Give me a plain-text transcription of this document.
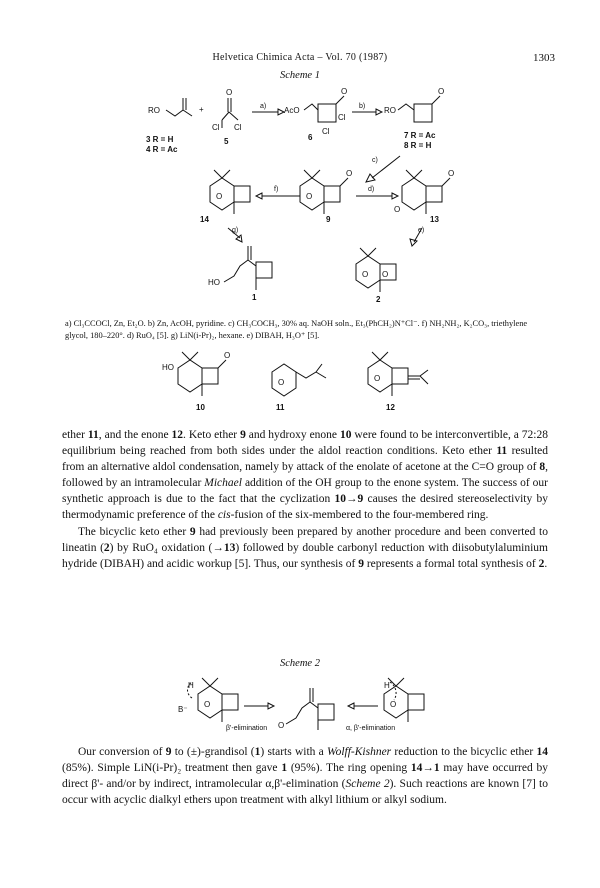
Helvetica Chimica Acta – Vol. 70 (1987)	1303
Scheme 1
RO
3 R = H
4 R = Ac
+
O
Cl Cl
5
a) AcO
O
Cl
Cl
6
b) RO
O
7 R = Ac
8 R = H
c)
O
14
f)
O
O
9
d)
O
O
13
g)
HO
1
e)
O O
2
a) Cl₃CCOCl, Zn, Et₂O. b) Zn, AcOH, pyridine. c) CH₃COCH₃, 30% aq. NaOH soln., Et₃(PhCH₂)N⁺Cl⁻. f) NH₂NH₂, K₂CO₃, triethylene glycol, 180–220°. d) RuO₄ [5]. g) LiN(i-Pr)₂, hexane. e) DIBAH, H₃O⁺ [5].
HO
O
10
O
11
O
12

ether 11, and the enone 12. Keto ether 9 and hydroxy enone 10 were found to be interconvertible, a 72:28 equilibrium being reached from both sides under the aldol reaction conditions. Keto ether 11 resulted from an alternative aldol condensation, namely by attack of the enolate of acetone at the C=O group of 8, followed by an intramolecular Michael addition of the OH group to the enone system. The success of our synthetic approach is due to the fact that the cyclization 10→9 causes the desired stereoselectivity by thermodynamic preference of the cis-fusion of the six-membered to the four-membered ring.

The bicyclic keto ether 9 had previously been prepared by another procedure and been converted to lineatin (2) by RuO₄ oxidation (→13) followed by double carbonyl reduction with diisobutylaluminium hydride (DIBAH) and acidic workup [5]. Thus, our synthesis of 9 represents a formal total synthesis of 2.

Scheme 2
B⁻
H
O
β'-elimination O	α, β'-elimination
H
O

Our conversion of 9 to (±)-grandisol (1) starts with a Wolff-Kishner reduction to the bicyclic ether 14 (85%). Simple LiN(i-Pr)₂ treatment then gave 1 (95%). The ring opening 14→1 may have occurred by direct β'- and/or by indirect, intramolecular α,β'-elimination (Scheme 2). Such reactions are known [7] to occur with acyclic dialkyl ethers upon treatment with alkyl lithium or alkyl sodium.
